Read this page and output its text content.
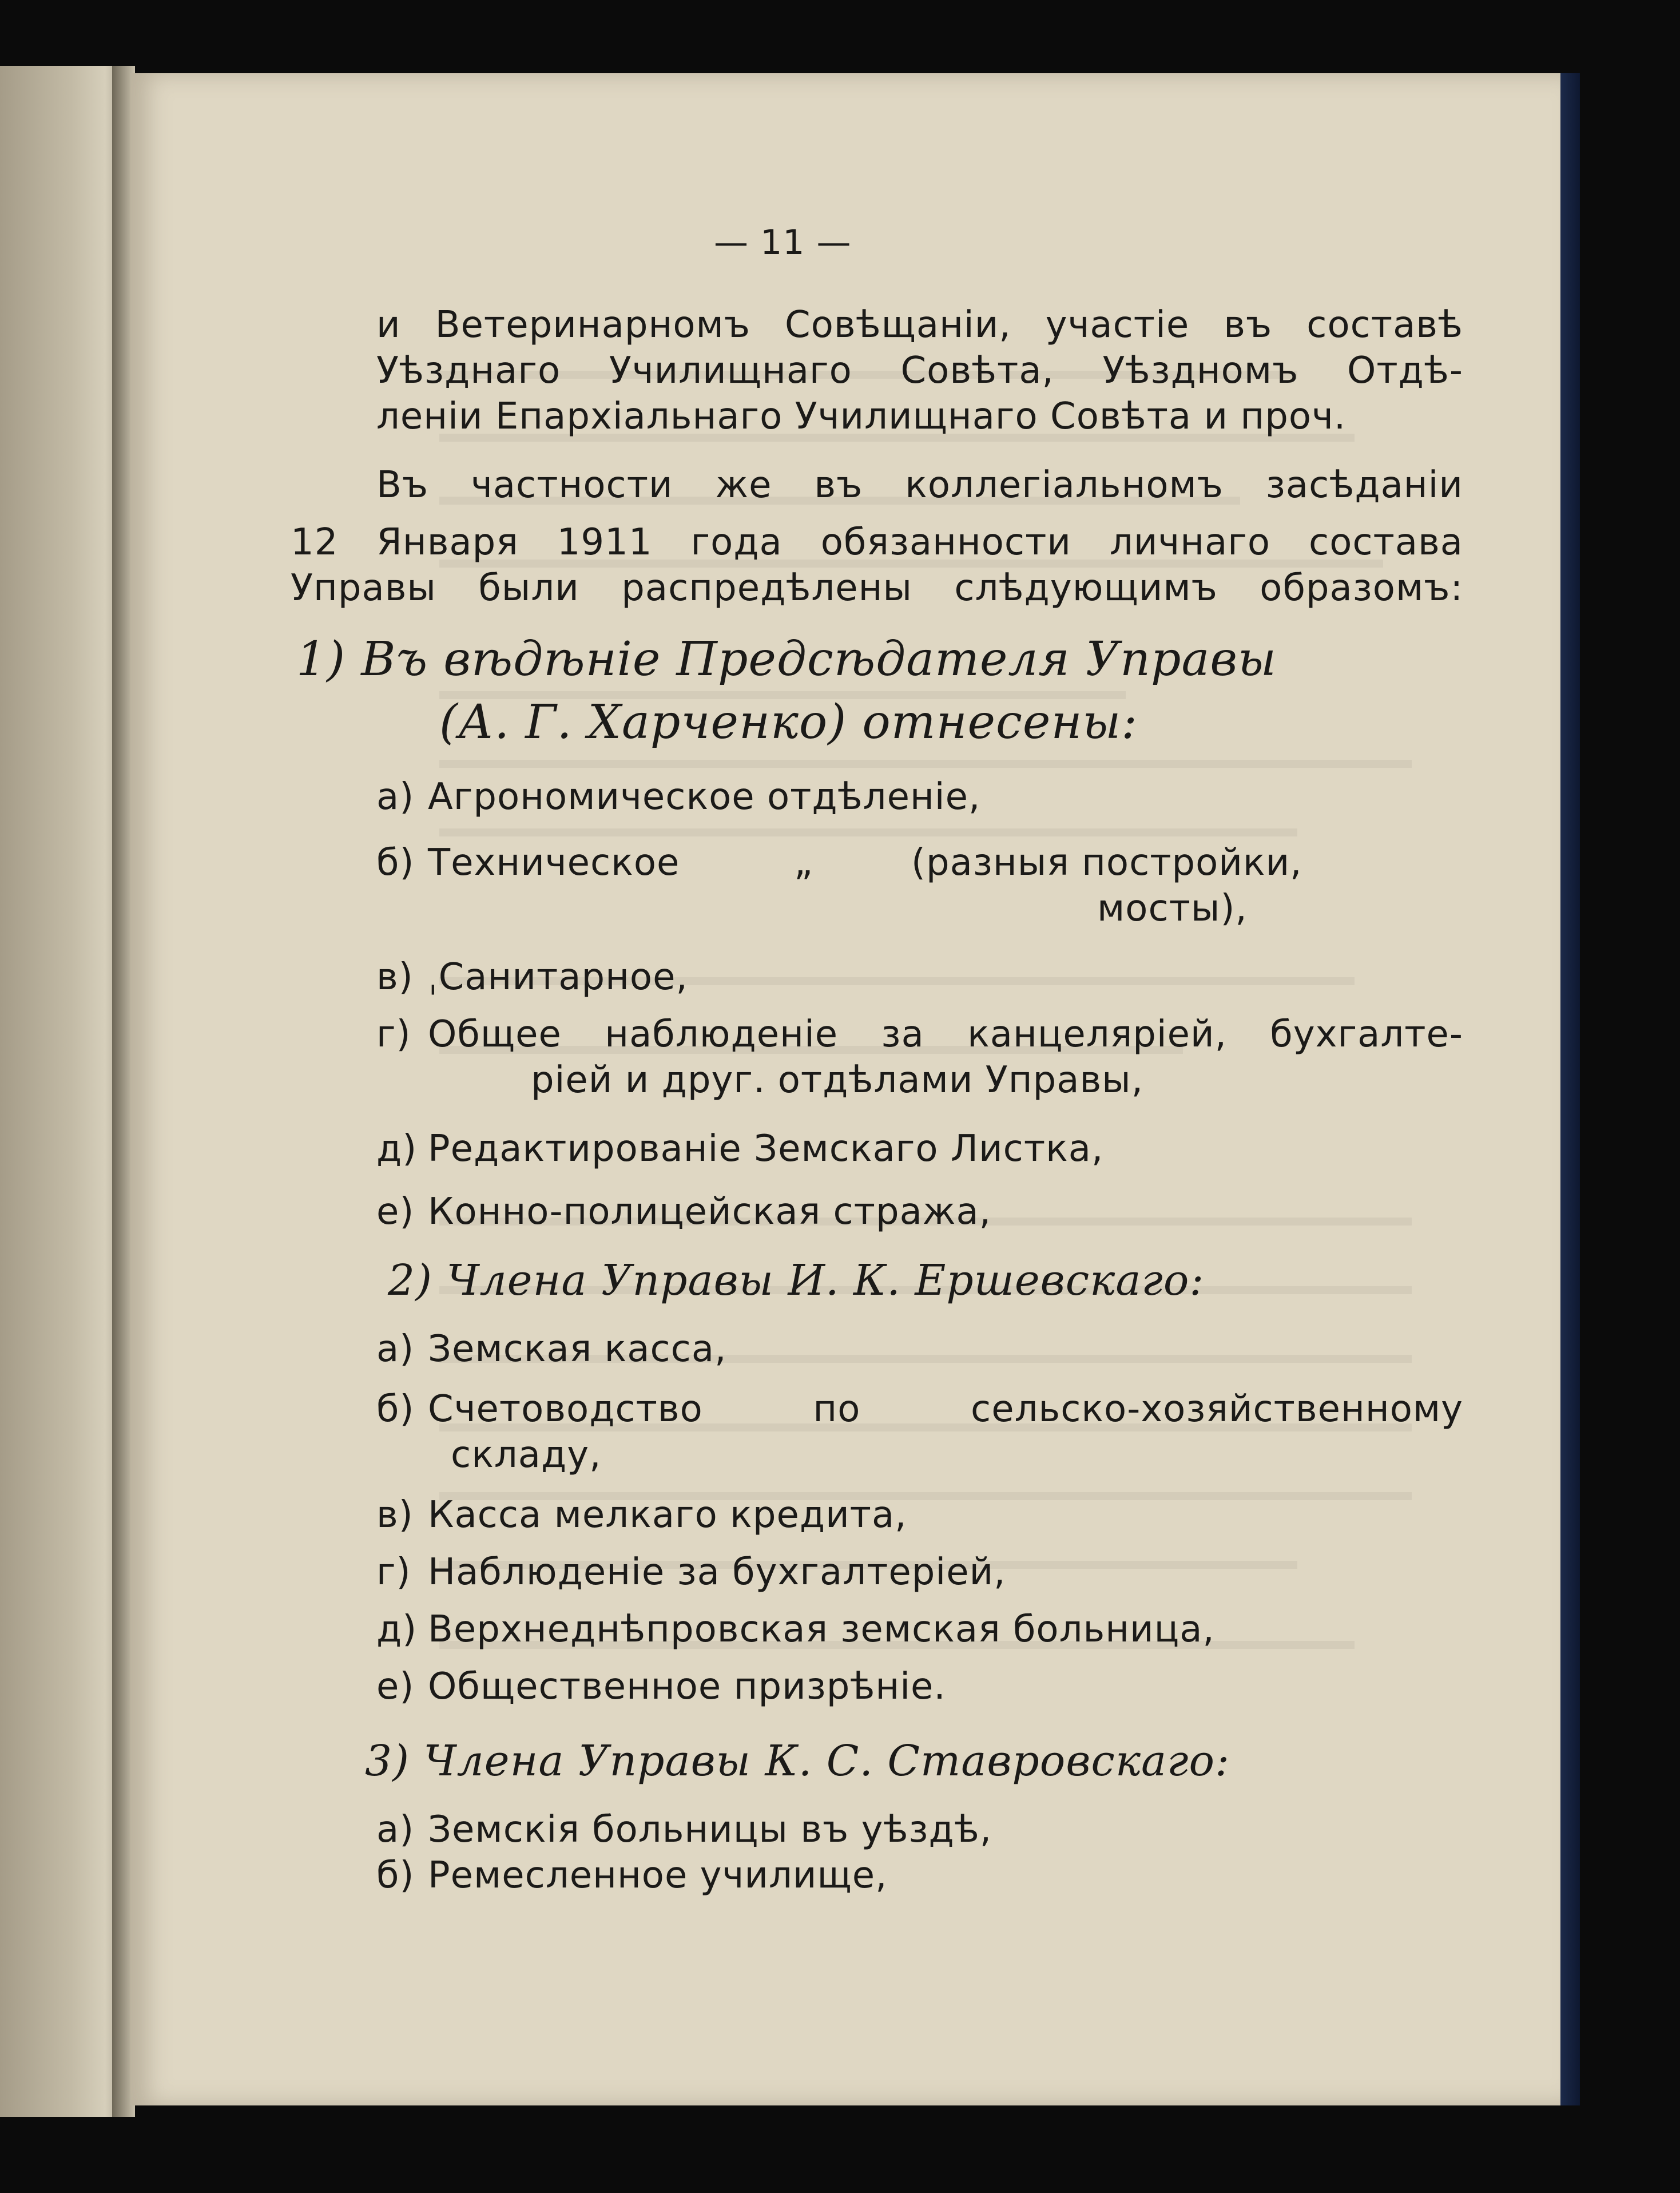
— 11 —
и Ветеринарномъ Совѣщаніи, участіе въ составѣ
Уѣзднаго Училищнаго Совѣта, Уѣздномъ Отдѣ-
леніи Епархіальнаго Училищнаго Совѣта и проч.
Въ частности же въ коллегіальномъ засѣданіи
12 Января 1911 года обязанности личнаго состава
Управы были распредѣлены слѣдующимъ образомъ:
1) Въ вѣдѣніе Предсѣдателя Управы
(А. Г. Харченко) отнесены:
а) Агрономическое отдѣленіе,
б) Техническое	„	(разныя постройки,
мосты),
в) ˌСанитарное,
г) Общее наблюденіе за канцеляріей, бухгалте-
ріей и друг. отдѣлами Управы,
д) Редактированіе Земскаго Листка,
е) Конно-полицейская стража,
2) Члена Управы И. К. Ершевскаго:
а) Земская касса,
б) Счетоводство по сельско-хозяйственному
складу,
в) Касса мелкаго кредита,
г) Наблюденіе за бухгалтеріей,
д) Верхнеднѣпровская земская больница,
е) Общественное призрѣніе.
3) Члена Управы К. С. Ставровскаго:
а) Земскія больницы въ уѣздѣ,
б) Ремесленное училище,
